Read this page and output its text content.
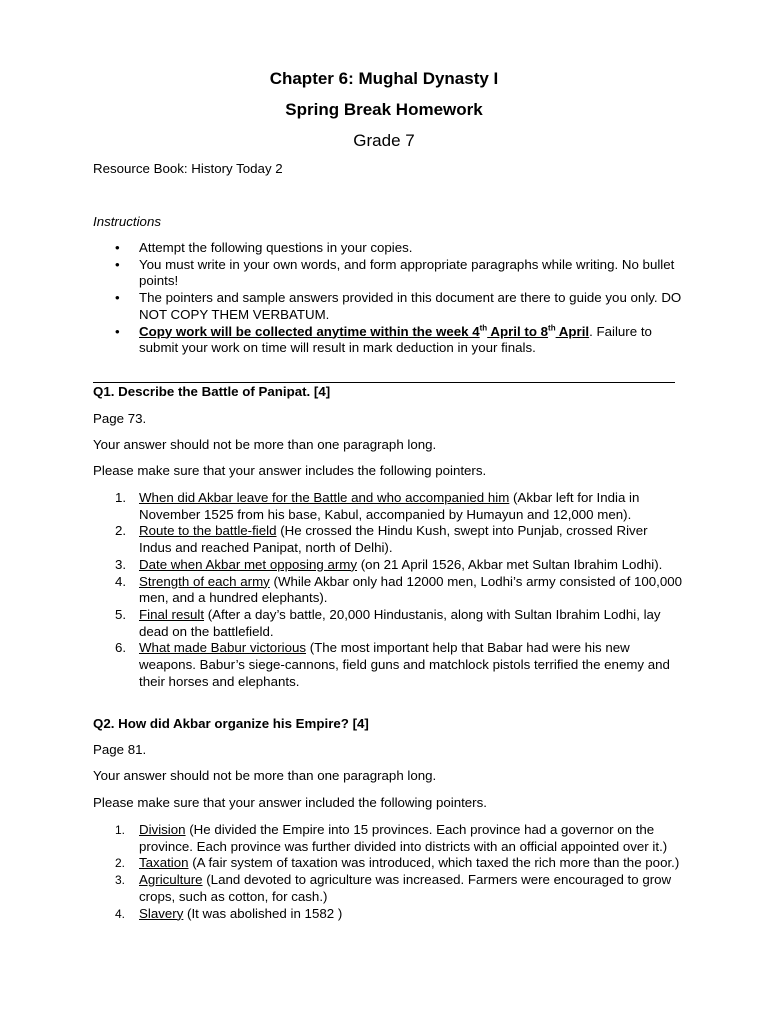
Chapter 6: Mughal Dynasty I
Spring Break Homework
Grade 7
Resource Book: History Today 2
Instructions
• Attempt the following questions in your copies.
• You must write in your own words, and form appropriate paragraphs while writing. No bullet points!
• The pointers and sample answers provided in this document are there to guide you only. DO NOT COPY THEM VERBATUM.
• Copy work will be collected anytime within the week 4th April to 8th April. Failure to submit your work on time will result in mark deduction in your finals.
Q1. Describe the Battle of Panipat. [4]
Page 73.
Your answer should not be more than one paragraph long.
Please make sure that your answer includes the following pointers.
1. When did Akbar leave for the Battle and who accompanied him (Akbar left for India in November 1525 from his base, Kabul, accompanied by Humayun and 12,000 men).
2. Route to the battle-field (He crossed the Hindu Kush, swept into Punjab, crossed River Indus and reached Panipat, north of Delhi).
3. Date when Akbar met opposing army (on 21 April 1526, Akbar met Sultan Ibrahim Lodhi).
4. Strength of each army (While Akbar only had 12000 men, Lodhi’s army consisted of 100,000 men, and a hundred elephants).
5. Final result (After a day’s battle, 20,000 Hindustanis, along with Sultan Ibrahim Lodhi, lay dead on the battlefield.
6. What made Babur victorious (The most important help that Babar had were his new weapons. Babur’s siege-cannons, field guns and matchlock pistols terrified the enemy and their horses and elephants.
Q2. How did Akbar organize his Empire? [4]
Page 81.
Your answer should not be more than one paragraph long.
Please make sure that your answer included the following pointers.
1. Division (He divided the Empire into 15 provinces. Each province had a governor on the province. Each province was further divided into districts with an official appointed over it.)
2. Taxation (A fair system of taxation was introduced, which taxed the rich more than the poor.)
3. Agriculture (Land devoted to agriculture was increased. Farmers were encouraged to grow crops, such as cotton, for cash.)
4. Slavery (It was abolished in 1582 )
